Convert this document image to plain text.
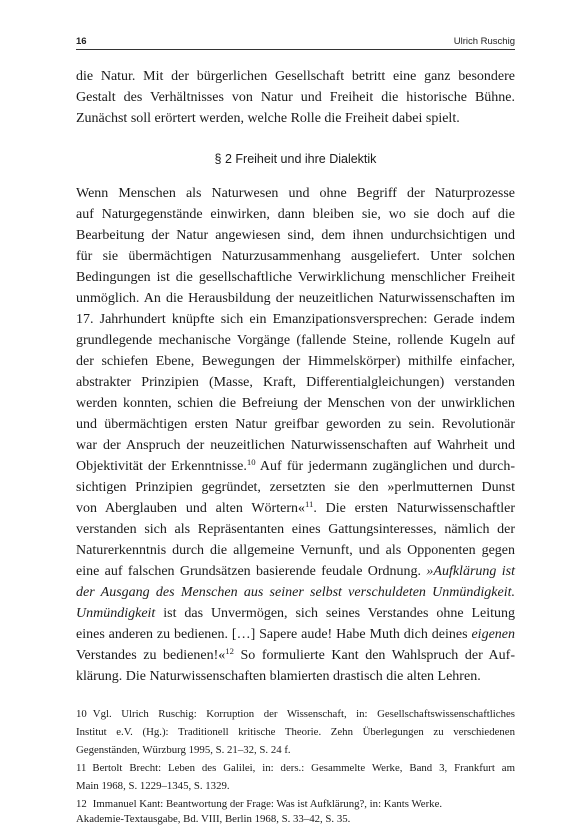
16	Ulrich Ruschig
die Natur. Mit der bürgerlichen Gesellschaft betritt eine ganz besondere
Gestalt des Verhältnisses von Natur und Freiheit die historische Bühne.
Zunächst soll erörtert werden, welche Rolle die Freiheit dabei spielt.
§ 2 Freiheit und ihre Dialektik
Wenn Menschen als Naturwesen und ohne Begriff der Naturprozesse
auf Naturgegenstände einwirken, dann bleiben sie, wo sie doch auf die
Bearbeitung der Natur angewiesen sind, dem ihnen undurchsichtigen und
für sie übermächtigen Naturzusammenhang ausgeliefert. Unter solchen
Bedingungen ist die gesellschaftliche Verwirklichung menschlicher Freiheit
unmöglich. An die Herausbildung der neuzeitlichen Naturwissenschaften im
17. Jahrhundert knüpfte sich ein Emanzipationsversprechen: Gerade indem
grundlegende mechanische Vorgänge (fallende Steine, rollende Kugeln auf
der schiefen Ebene, Bewegungen der Himmelskörper) mithilfe einfacher,
abstrakter Prinzipien (Masse, Kraft, Differentialgleichungen) verstanden
werden konnten, schien die Befreiung der Menschen von der unwirklichen
und übermächtigen ersten Natur greifbar geworden zu sein. Revolutionär
war der Anspruch der neuzeitlichen Naturwissenschaften auf Wahrheit und
Objektivität der Erkenntnisse.$^{10}$ Auf für jedermann zugänglichen und durch-
sichtigen Prinzipien gegründet, zersetzten sie den »perlmutternen Dunst
von Aberglauben und alten Wörtern«$^{11}$. Die ersten Naturwissenschaftler
verstanden sich als Repräsentanten eines Gattungsinteresses, nämlich der
Naturerkenntnis durch die allgemeine Vernunft, und als Opponenten gegen
eine auf falschen Grundsätzen basierende feudale Ordnung. »Aufklärung ist
der Ausgang des Menschen aus seiner selbst verschuldeten Unmündigkeit.
Unmündigkeit ist das Unvermögen, sich seines Verstandes ohne Leitung
eines anderen zu bedienen. […] Sapere aude! Habe Muth dich deines eigenen
Verstandes zu bedienen!«$^{12}$ So formulierte Kant den Wahlspruch der Auf-
klärung. Die Naturwissenschaften blamierten drastisch die alten Lehren.
10 Vgl. Ulrich Ruschig: Korruption der Wissenschaft, in: Gesellschaftswissenschaftliches
Institut e.V. (Hg.): Traditionell kritische Theorie. Zehn Überlegungen zu verschiedenen
Gegenständen, Würzburg 1995, S. 21–32, S. 24 f.
11 Bertolt Brecht: Leben des Galilei, in: ders.: Gesammelte Werke, Band 3, Frankfurt am
Main 1968, S. 1229–1345, S. 1329.
12 Immanuel Kant: Beantwortung der Frage: Was ist Aufklärung?, in: Kants Werke.
Akademie-Textausgabe, Bd. VIII, Berlin 1968, S. 33–42, S. 35.
